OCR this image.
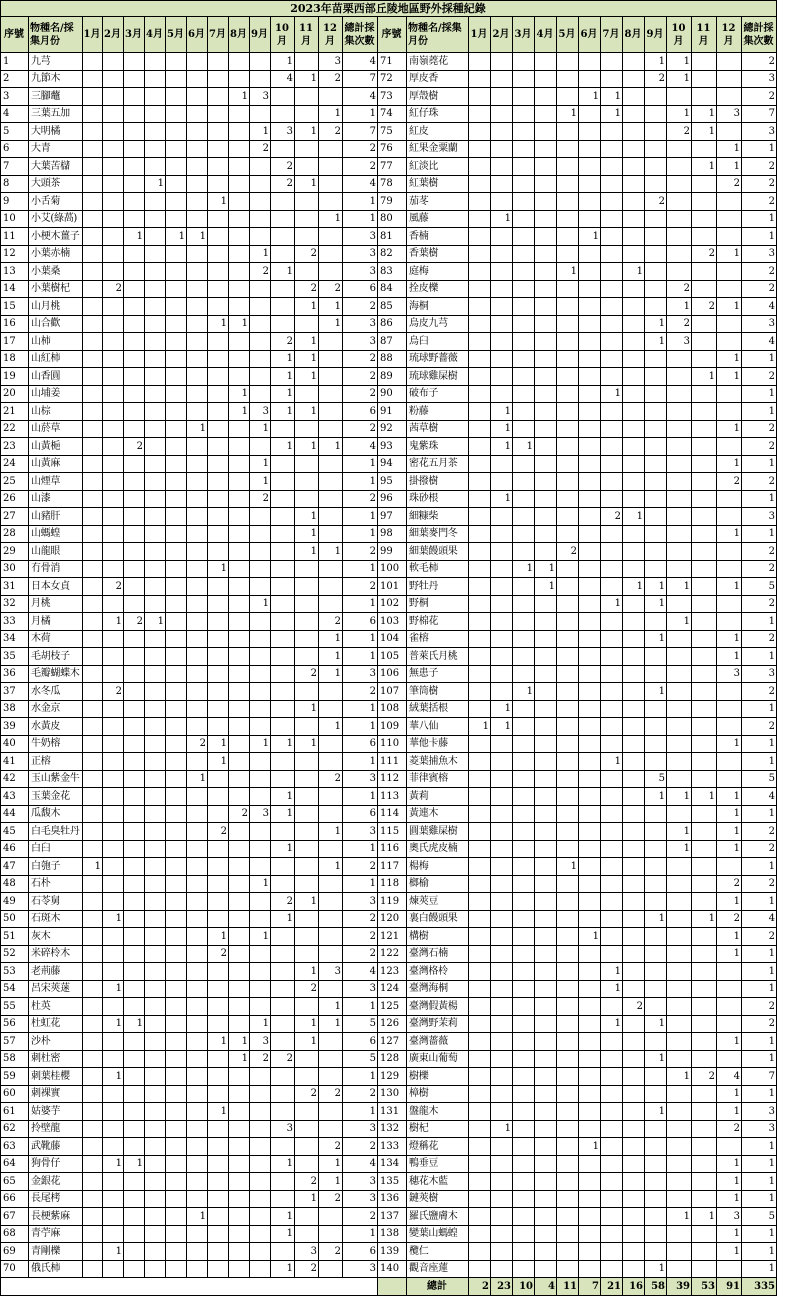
2023年苗栗西部丘陵地區野外採種紀錄																													
序號	物種名/採集月份	1月	2月	3月	4月	5月	6月	7月	8月	9月	10月	11月	12月	總計採集次數	序號	物種名/採集月份	1月	2月	3月	4月	5月	6月	7月	8月	9月	10月	11月	12月	總計採集次數
1	九芎										1		3	4	71	南嶺蕘花									1	1			2
2	九節木										4	1	2	7	72	厚皮香									2	1			3
3	三腳虌								1	3				4	73	厚殼樹						1	1						2
4	三葉五加												1	1	74	紅仔珠					1		1			1	1	3	7
5	大明橘									1	3	1	2	7	75	紅皮										2	1		3
6	大青									2				2	76	紅果金粟蘭												1	1
7	大葉苦櫧										2			2	77	紅淡比											1	1	2
8	大頭茶				1						2	1		4	78	紅葉樹												2	2
9	小舌菊							1						1	79	茄苳									2				2
10	小艾(綠萵)												1	1	80	風藤		1											1
11	小梗木薑子			1		1	1							3	81	香楠						1							1
12	小葉赤楠									1		2		3	82	香葉樹											2	1	3
13	小葉桑									2	1			3	83	庭梅					1			1					2
14	小葉樹杞		2									2	2	6	84	拴皮櫟										2			2
15	山月桃											1	1	2	85	海桐										1	2	1	4
16	山合歡							1	1				1	3	86	烏皮九芎									1	2			3
17	山柿										2	1		3	87	烏臼									1	3			4
18	山紅柿										1	1		2	88	琉球野薔薇												1	1
19	山香圓										1	1		2	89	琉球雞屎樹											1	1	2
20	山埔姜								1		1			2	90	破布子							1						1
21	山棕								1	3	1	1		6	91	粉藤		1											1
22	山菸草						1			1				2	92	茜草樹		1										1	2
23	山黃梔			2							1	1	1	4	93	鬼紫珠		1	1										2
24	山黃麻									1				1	94	密花五月茶												1	1
25	山煙草									1				1	95	掛撥樹												2	2
26	山漆									2				2	96	珠砂根		1											1
27	山豬肝											1		1	97	細糠柴							2	1					3
28	山螞蝗											1		1	98	細葉麥門冬												1	1
29	山龍眼											1	1	2	99	細葉饅頭果					2								2
30	冇骨消							1						1	100	軟毛柿			1	1									2
31	日本女貞		2											2	101	野牡丹				1				1	1	1		1	5
32	月桃									1				1	102	野桐							1		1				2
33	月橘		1	2	1								2	6	103	野棉花										1			1
34	木荷												1	1	104	雀榕									1			1	2
35	毛胡枝子												1	1	105	普萊氏月桃												1	1
36	毛瓣蝴蝶木											2	1	3	106	無患子												3	3
37	水冬瓜		2											2	107	筆筒樹			1						1				2
38	水金京											1		1	108	絨葉括根		1											1
39	水黃皮												1	1	109	華八仙	1	1											2
40	牛奶榕						2	1		1	1	1		6	110	華他卡藤												1	1
41	正榕							1						1	111	菱葉捕魚木							1						1
42	玉山紫金牛						1						2	3	112	菲律賓榕									5				5
43	玉葉金花										1			1	113	黃莉									1	1	1	1	4
44	瓜馥木								2	3	1			6	114	黃連木												1	1
45	白毛臭牡丹							2					1	3	115	圓葉雞屎樹										1		1	2
46	白臼										1			1	116	奧氏虎皮楠										1		1	2
47	白匏子	1											1	2	117	楊梅					1								1
48	石朴									1				1	118	榔榆												2	2
49	石苓舅										2	1		3	119	煉莢豆												1	1
50	石斑木		1								1			2	120	裏白饅頭果									1		1	2	4
51	灰木							1		1				2	121	構樹						1						1	2
52	米碎柃木							2						2	122	臺灣石楠												1	1
53	老荊藤											1	3	4	123	臺灣格柃							1						1
54	呂宋莢蒾		1									2		3	124	臺灣海桐							1						1
55	杜英												1	1	125	臺灣假黃楊								2					2
56	杜虹花		1	1						1		1	1	5	126	臺灣野茉莉							1		1				2
57	沙朴							1	1	3		1		6	127	臺灣薔薇												1	1
58	刺杜密								1	2	2			5	128	廣東山葡萄									1				1
59	刺葉桂櫻		1											1	129	樹櫟										1	2	4	7
60	刺裸實											2	2	2	130	樟樹												1	1
61	姑婆芋							1						1	131	盤龍木									1			1	3
62	拎壁龍										3			3	132	樹杞		1										2	3
63	武靴藤												2	2	133	燈稱花						1							1
64	狗骨仔		1	1							1		1	4	134	鴨垂豆												1	1
65	金銀花											2	1	3	135	穗花木藍												1	1
66	長尾栲											1	2	3	136	鏈莢樹												1	1
67	長梗紫麻						1				1			2	137	羅氏鹽膚木										1	1	3	5
68	青苧麻										1			1	138	變葉山螞蝗												1	1
69	青剛櫟		1									3	2	6	139	欖仁												1	1
70	俄氏柿										1	2		3	140	觀音座蓮									1				1
																總計	2	23	10	4	11	7	21	16	58	39	53	91	335
